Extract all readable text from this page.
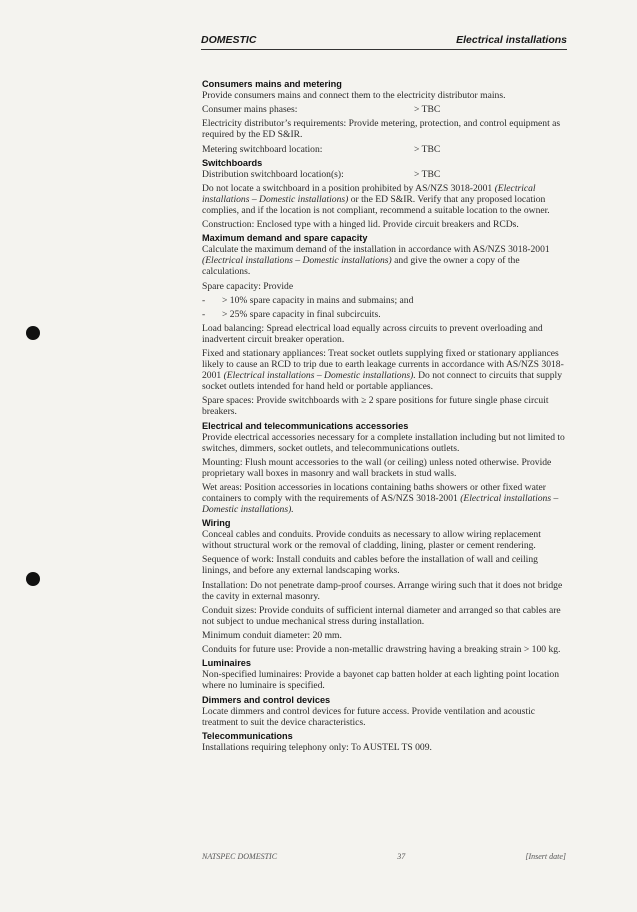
DOMESTIC	Electrical installations
Consumers mains and metering
Provide consumers mains and connect them to the electricity distributor mains.
Consumer mains phases:	> TBC
Electricity distributor’s requirements: Provide metering, protection, and control equipment as required by the ED S&IR.
Metering switchboard location:	> TBC
Switchboards
Distribution switchboard location(s):	> TBC
Do not locate a switchboard in a position prohibited by AS/NZS 3018-2001 (Electrical installations – Domestic installations) or the ED S&IR. Verify that any proposed location complies, and if the location is not compliant, recommend a suitable location to the owner.
Construction: Enclosed type with a hinged lid. Provide circuit breakers and RCDs.
Maximum demand and spare capacity
Calculate the maximum demand of the installation in accordance with AS/NZS 3018-2001 (Electrical installations – Domestic installations) and give the owner a copy of the calculations.
Spare capacity: Provide
-	> 10% spare capacity in mains and submains; and
-	> 25% spare capacity in final subcircuits.
Load balancing: Spread electrical load equally across circuits to prevent overloading and inadvertent circuit breaker operation.
Fixed and stationary appliances: Treat socket outlets supplying fixed or stationary appliances likely to cause an RCD to trip due to earth leakage currents in accordance with AS/NZS 3018-2001 (Electrical installations – Domestic installations). Do not connect to circuits that supply socket outlets intended for hand held or portable appliances.
Spare spaces: Provide switchboards with ≥ 2 spare positions for future single phase circuit breakers.
Electrical and telecommunications accessories
Provide electrical accessories necessary for a complete installation including but not limited to switches, dimmers, socket outlets, and telecommunications outlets.
Mounting: Flush mount accessories to the wall (or ceiling) unless noted otherwise. Provide proprietary wall boxes in masonry and wall brackets in stud walls.
Wet areas: Position accessories in locations containing baths showers or other fixed water containers to comply with the requirements of AS/NZS 3018-2001 (Electrical installations – Domestic installations).
Wiring
Conceal cables and conduits. Provide conduits as necessary to allow wiring replacement without structural work or the removal of cladding, lining, plaster or cement rendering.
Sequence of work: Install conduits and cables before the installation of wall and ceiling linings, and before any external landscaping works.
Installation: Do not penetrate damp-proof courses. Arrange wiring such that it does not bridge the cavity in external masonry.
Conduit sizes: Provide conduits of sufficient internal diameter and arranged so that cables are not subject to undue mechanical stress during installation.
Minimum conduit diameter: 20 mm.
Conduits for future use: Provide a non-metallic drawstring having a breaking strain > 100 kg.
Luminaires
Non-specified luminaires: Provide a bayonet cap batten holder at each lighting point location where no luminaire is specified.
Dimmers and control devices
Locate dimmers and control devices for future access. Provide ventilation and acoustic treatment to suit the device characteristics.
Telecommunications
Installations requiring telephony only: To AUSTEL TS 009.
NATSPEC DOMESTIC	37	[Insert date]
